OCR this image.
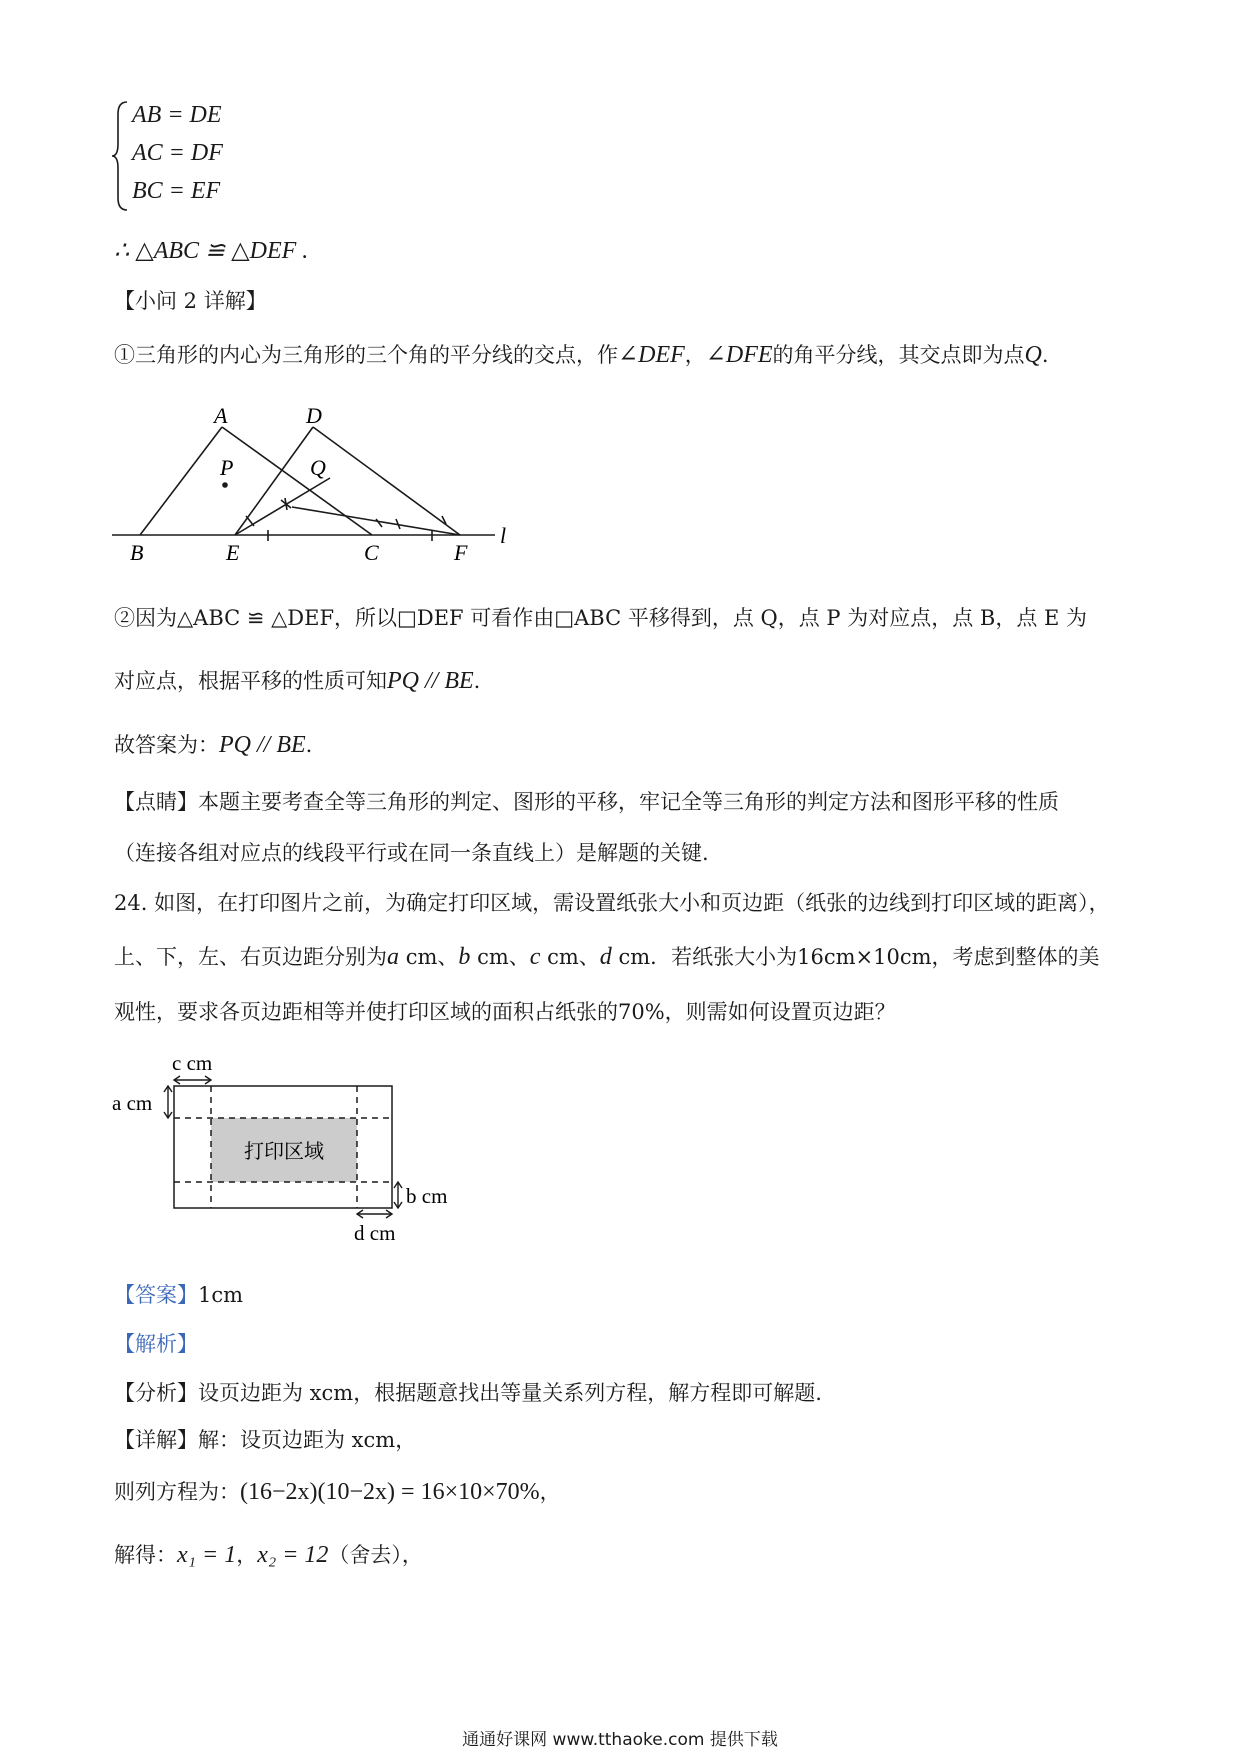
AB = DE
AC = DF
BC = EF
∴ △ABC ≌ △DEF .
【小问 2 详解】
①三角形的内心为三角形的三个角的平分线的交点，作∠DEF，∠DFE的角平分线，其交点即为点Q.
A	D
P	Q
B	E	C	F
l
②因为△ABC ≌ △DEF，所以□DEF 可看作由□ABC 平移得到，点 Q，点 P 为对应点，点 B，点 E 为
对应点，根据平移的性质可知PQ // BE.
故答案为：PQ // BE.
【点睛】本题主要考查全等三角形的判定、图形的平移，牢记全等三角形的判定方法和图形平移的性质
（连接各组对应点的线段平行或在同一条直线上）是解题的关键.
24. 如图，在打印图片之前，为确定打印区域，需设置纸张大小和页边距（纸张的边线到打印区域的距离），
上、下，左、右页边距分别为a cm、b cm、c cm、d cm．若纸张大小为16cm×10cm，考虑到整体的美
观性，要求各页边距相等并使打印区域的面积占纸张的70%，则需如何设置页边距？
c cm
a cm
b cm
d cm
打印区域
【答案】1cm
【解析】
【分析】设页边距为 xcm，根据题意找出等量关系列方程，解方程即可解题.
【详解】解：设页边距为 xcm，
则列方程为：(16−2x)(10−2x) = 16×10×70%，
解得：x₁ = 1，x₂ = 12（舍去），
通通好课网 www.tthaoke.com 提供下载
